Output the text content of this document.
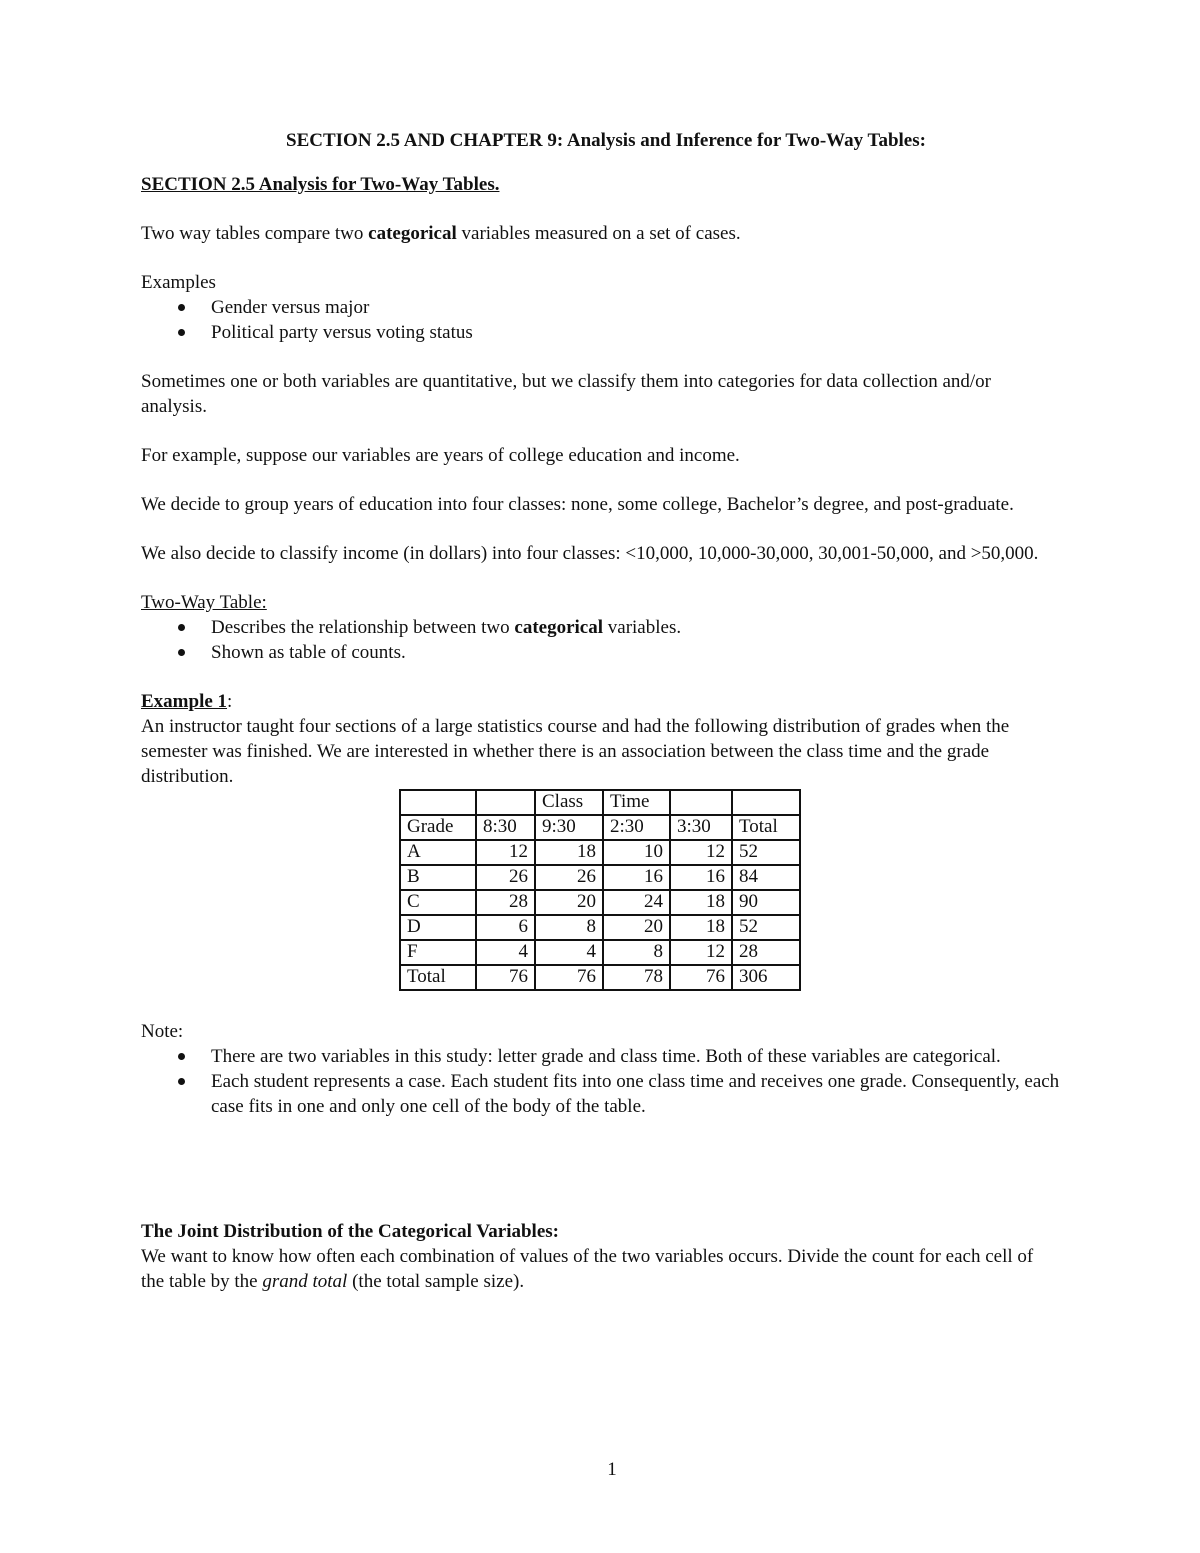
SECTION 2.5 AND CHAPTER 9: Analysis and Inference for Two-Way Tables:

SECTION 2.5 Analysis for Two-Way Tables.

Two way tables compare two categorical variables measured on a set of cases.

Examples

Gender versus major
Political party versus voting status

Sometimes one or both variables are quantitative, but we classify them into categories for data collection and/or analysis.

For example, suppose our variables are years of college education and income.

We decide to group years of education into four classes: none, some college, Bachelor’s degree, and post-graduate.

We also decide to classify income (in dollars) into four classes: <10,000, 10,000-30,000, 30,001-50,000, and >50,000.

Two-Way Table:

Describes the relationship between two categorical variables.
Shown as table of counts.

Example 1:

An instructor taught four sections of a large statistics course and had the following distribution of grades when the semester was finished. We are interested in whether there is an association between the class time and the grade distribution.

		Class	Time		
Grade	8:30	9:30	2:30	3:30	Total
A	12	18	10	12	52
B	26	26	16	16	84
C	28	20	24	18	90
D	6	8	20	18	52
F	4	4	8	12	28
Total	76	76	78	76	306

Note:

There are two variables in this study: letter grade and class time. Both of these variables are categorical.
Each student represents a case. Each student fits into one class time and receives one grade. Consequently, each case fits in one and only one cell of the body of the table.

The Joint Distribution of the Categorical Variables:

We want to know how often each combination of values of the two variables occurs. Divide the count for each cell of the table by the grand total (the total sample size).

1
